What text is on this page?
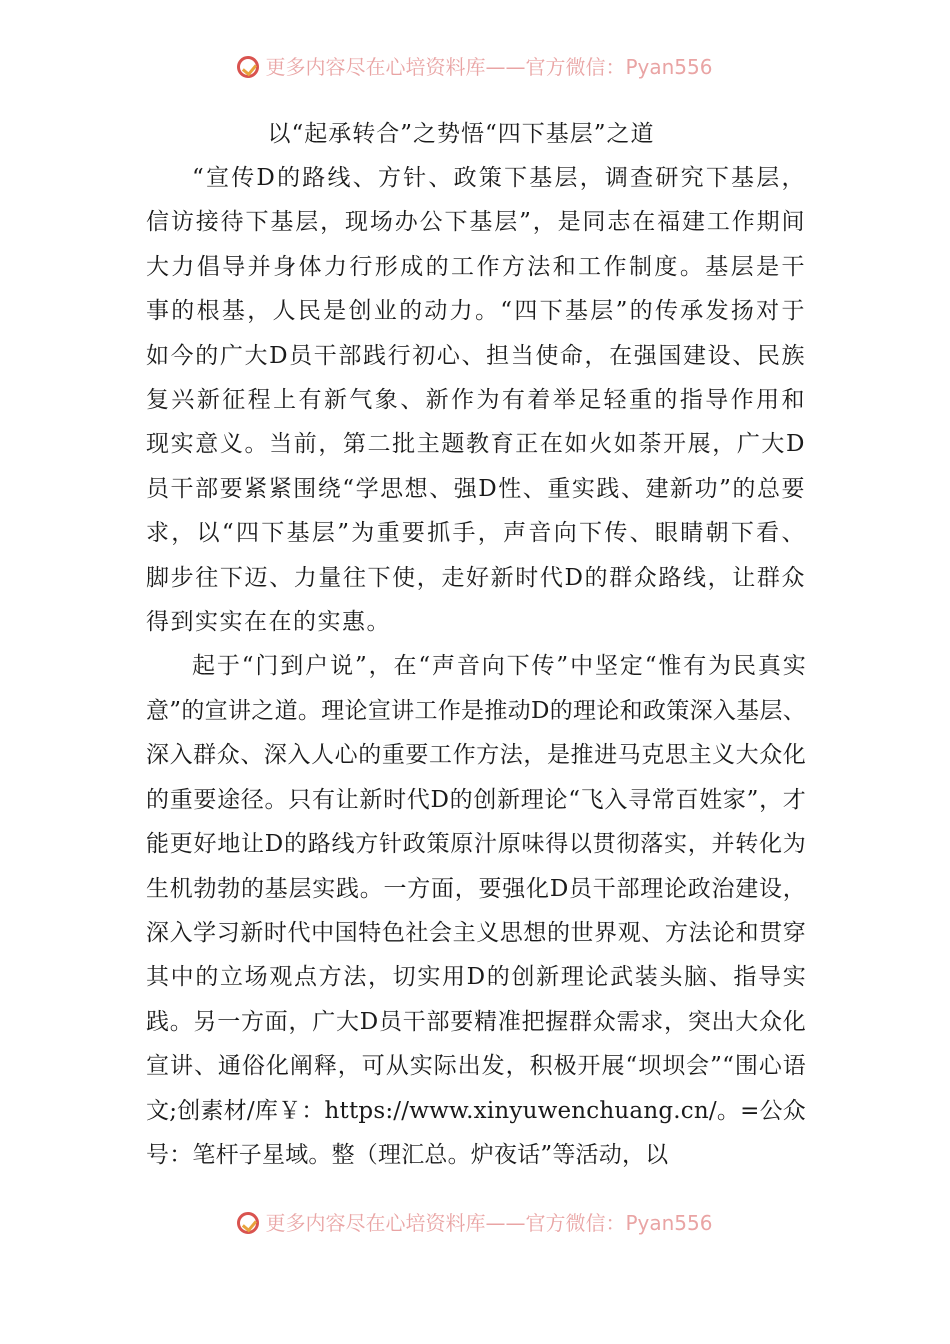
更多内容尽在心培资料库——官方微信：Pyan556

以“起承转合”之势悟“四下基层”之道

“宣传D的路线、方针、政策下基层，调查研究下基层，信访接待下基层，现场办公下基层”，是同志在福建工作期间大力倡导并身体力行形成的工作方法和工作制度。基层是干事的根基，人民是创业的动力。“四下基层”的传承发扬对于如今的广大D员干部践行初心、担当使命，在强国建设、民族复兴新征程上有新气象、新作为有着举足轻重的指导作用和现实意义。当前，第二批主题教育正在如火如荼开展，广大D员干部要紧紧围绕“学思想、强D性、重实践、建新功”的总要求，以“四下基层”为重要抓手，声音向下传、眼睛朝下看、脚步往下迈、力量往下使，走好新时代D的群众路线，让群众得到实实在在的实惠。

起于“门到户说”，在“声音向下传”中坚定“惟有为民真实意”的宣讲之道。理论宣讲工作是推动D的理论和政策深入基层、深入群众、深入人心的重要工作方法，是推进马克思主义大众化的重要途径。只有让新时代D的创新理论“飞入寻常百姓家”，才能更好地让D的路线方针政策原汁原味得以贯彻落实，并转化为生机勃勃的基层实践。一方面，要强化D员干部理论政治建设，深入学习新时代中国特色社会主义思想的世界观、方法论和贯穿其中的立场观点方法，切实用D的创新理论武装头脑、指导实践。另一方面，广大D员干部要精准把握群众需求，突出大众化宣讲、通俗化阐释，可从实际出发，积极开展“坝坝会”“围心语文;创素材/库￥：https://www.xinyuwenchuang.cn/。=公众号：笔杆子星域。整（理汇总。炉夜话”等活动，以

更多内容尽在心培资料库——官方微信：Pyan556
